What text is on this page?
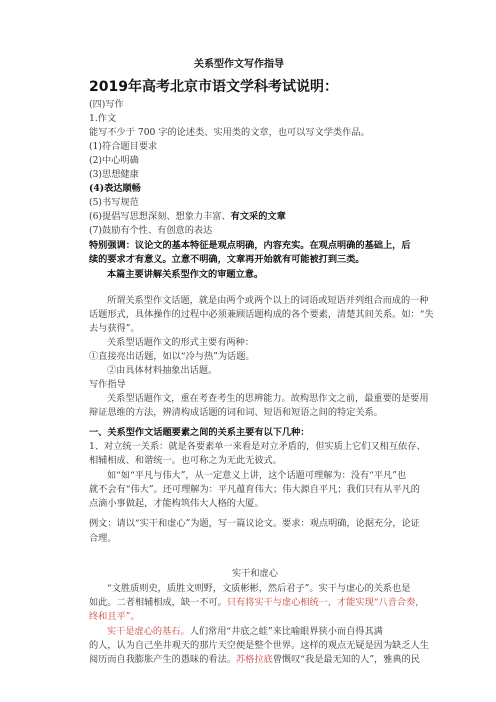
关系型作文写作指导
2019年高考北京市语文学科考试说明：
(四)写作
1.作文
能写不少于 700 字的论述类、实用类的文章，也可以写文学类作品。
(1)符合题目要求
(2)中心明确
(3)思想健康
(4)表达顺畅
(5)书写规范
(6)提倡写思想深刻、想象力丰富、有文采的文章
(7)鼓励有个性、有创意的表达
特别强调：议论文的基本特征是观点明确，内容充实。在观点明确的基础上，后
续的要求才有意义。立意不明确，文章再开始就有可能被打到三类。
本篇主要讲解关系型作文的审题立意。
所谓关系型作文话题，就是由两个或两个以上的词语或短语并列组合而成的一种
话题形式，具体操作的过程中必须兼顾话题构成的各个要素，清楚其间关系。如：“失
去与获得”。
关系型话题作文的形式主要有两种：
①直接亮出话题，如以“冷与热”为话题。
②由具体材料抽象出话题。
写作指导
关系型话题作文，重在考查考生的思辨能力。故构思作文之前，最重要的是要用
辩证思维的方法，辨清构成话题的词和词、短语和短语之间的特定关系。
一、关系型作文话题要素之间的关系主要有以下几种：
1、对立统一关系：就是各要素单一来看是对立矛盾的，但实质上它们又相互依存、
相辅相成、和谐统一。也可称之为无此无彼式。
如“如“平凡与伟大”，从一定意义上讲，这个话题可理解为：没有“平凡”也
就不会有“伟大”。还可理解为：平凡蕴育伟大；伟大源自平凡；我们只有从平凡的
点滴小事做起，才能构筑伟大人格的大厦。
例文：请以“实干和虚心”为题，写一篇议论文。要求：观点明确，论据充分，论证
合理。
实干和虚心
“文胜质则史，质胜文则野，文质彬彬，然后君子”。实干与虚心的关系也是
如此。二者相辅相成，缺一不可。只有将实干与虚心相统一，才能实现“八音合奏，
终和且平”。
实干是虚心的基石。人们常用“井底之蛙”来比喻眼界狭小而自得其满
的人，认为自己坐井观天的那片天空便是整个世界。这样的观点无疑是因为缺乏人生
阅历而自我膨胀产生的愚昧的看法。苏格拉底曾慨叹“我是最无知的人”，雅典的民
